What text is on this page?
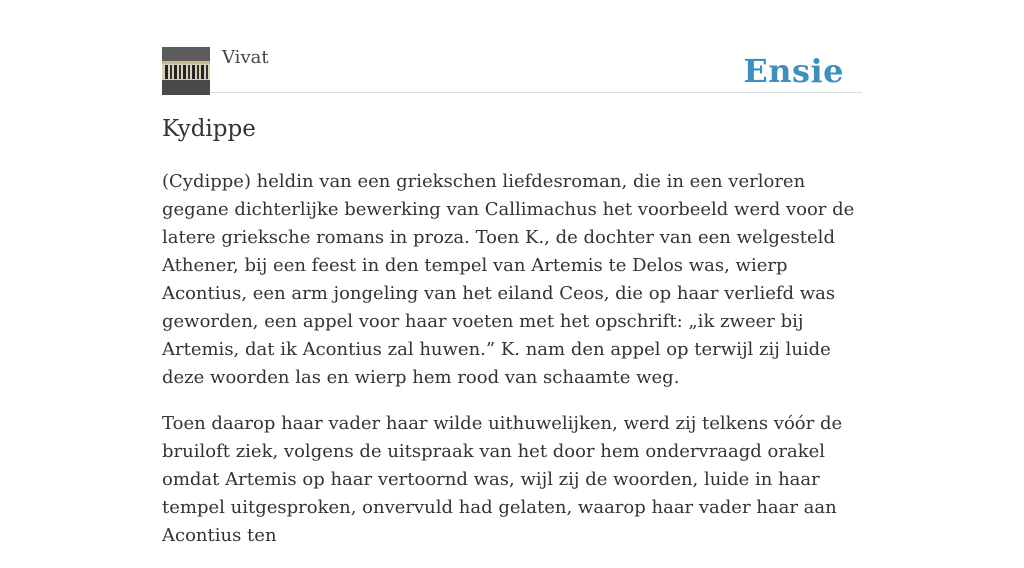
Vivat	Ensie
Kydippe

(Cydippe) heldin van een griekschen liefdesroman, die in een verloren gegane dichterlijke bewerking van Callimachus het voorbeeld werd voor de latere grieksche romans in proza. Toen K., de dochter van een welgesteld Athener, bij een feest in den tempel van Artemis te Delos was, wierp Acontius, een arm jongeling van het eiland Ceos, die op haar verliefd was geworden, een appel voor haar voeten met het opschrift: „ik zweer bij Artemis, dat ik Acontius zal huwen.” K. nam den appel op terwijl zij luide deze woorden las en wierp hem rood van schaamte weg.

Toen daarop haar vader haar wilde uithuwelijken, werd zij telkens vóór de bruiloft ziek, volgens de uitspraak van het door hem ondervraagd orakel omdat Artemis op haar vertoornd was, wijl zij de woorden, luide in haar tempel uitgesproken, onvervuld had gelaten, waarop haar vader haar aan Acontius ten
